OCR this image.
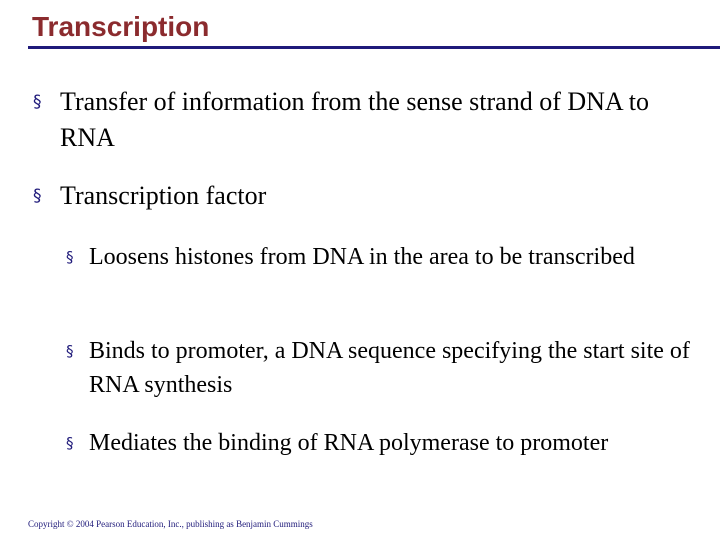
Transcription
§ Transfer of information from the sense strand of DNA to RNA
§ Transcription factor
§ Loosens histones from DNA in the area to be transcribed
§ Binds to promoter, a DNA sequence specifying the start site of RNA synthesis
§ Mediates the binding of RNA polymerase to promoter
Copyright © 2004 Pearson Education, Inc., publishing as Benjamin Cummings
